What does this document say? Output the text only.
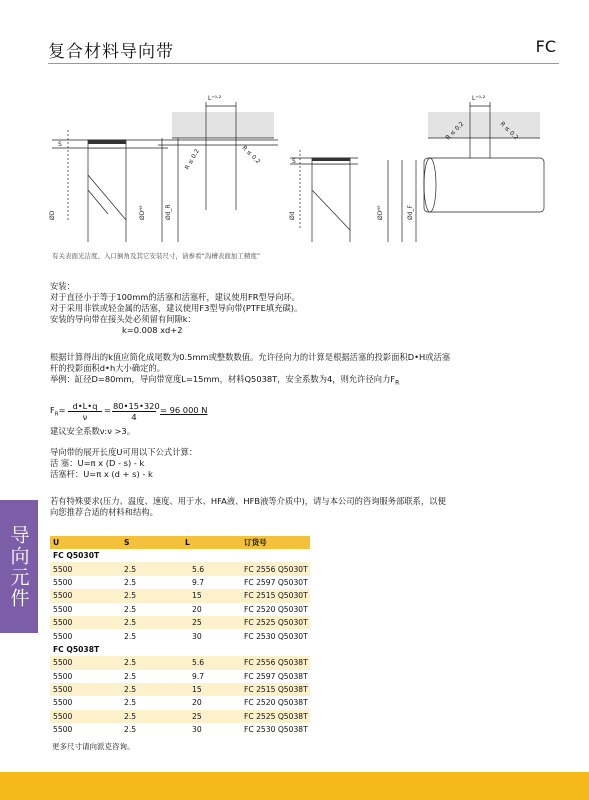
复合材料导向带	FC
L⁺⁰·²	L⁺⁰·²
S
S
ØD	ØDᴴ⁹	Ød_R	Ød	ØDᴴ⁹	Ød_F
R ≤ 0.2	R ≤ 0.2
R ≤ 0.2	R ≤ 0.2
有关表面光洁度、入口倒角及其它安装尺寸，请参看“沟槽表面加工精度”

安装：

对于直径小于等于100mm的活塞和活塞杆，建议使用FR型导向环。

对于采用非铁或轻金属的活塞，建议使用F3型导向带(PTFE填充碳)。

安装的导向带在接头处必须留有间隙k：

k=0.008 xd+2

根据计算得出的k值应简化成尾数为0.5mm或整数数值。允许径向力的计算是根据活塞的投影面积D•H或活塞

杆的投影面积d•h大小确定的。

举例：缸径D=80mm，导向带宽度L=15mm，材料Q5038T，安全系数为4，则允许径向力$F_R$

$F_R= \frac{d•L•q}{\nu} = \frac{80•15•320}{4} = 96$ 000 N
建议安全系数ν:ν >3。

导向带的展开长度U可用以下公式计算：

活 塞：U=π x (D - s) - k

活塞杆：U=π x (d + s) - k

若有特殊要求(压力、温度、速度、用于水、HFA液、HFB液等介质中)，请与本公司的咨询服务部联系，以便

向您推荐合适的材料和结构。

导向元件	U	S	L	订货号
FC Q5030T			
5500	2.5	5.6	FC 2556 Q5030T
5500	2.5	9.7	FC 2597 Q5030T
5500	2.5	15	FC 2515 Q5030T
5500	2.5	20	FC 2520 Q5030T
5500	2.5	25	FC 2525 Q5030T
5500	2.5	30	FC 2530 Q5030T
FC Q5038T			
5500	2.5	5.6	FC 2556 Q5038T
5500	2.5	9.7	FC 2597 Q5038T
5500	2.5	15	FC 2515 Q5038T
5500	2.5	20	FC 2520 Q5038T
5500	2.5	25	FC 2525 Q5038T
5500	2.5	30	FC 2530 Q5038T
更多尺寸请向派克咨询。
